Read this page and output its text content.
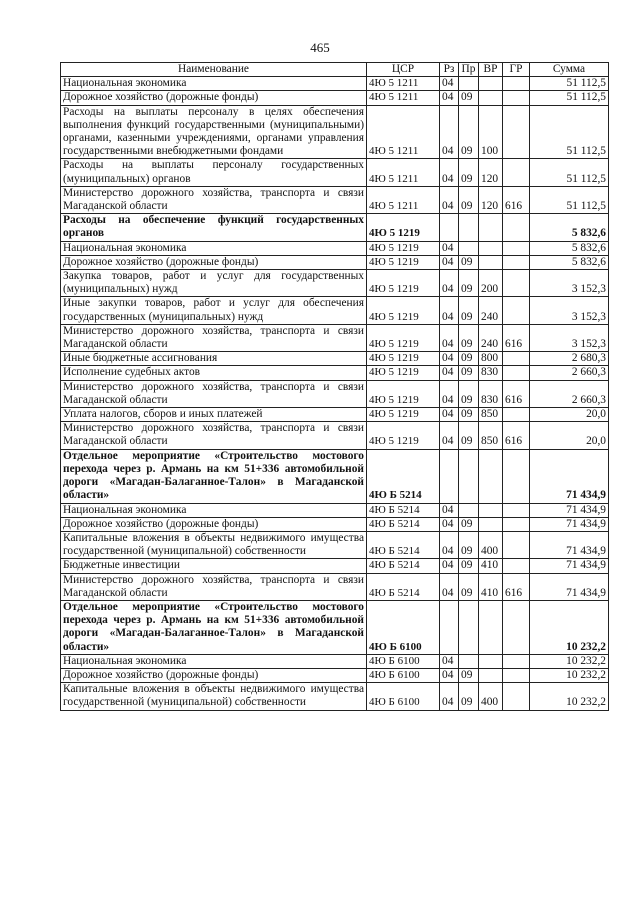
465
Наименование	ЦСР	Рз	Пр	ВР	ГР	Сумма
Национальная экономика	4Ю 5 1211	04				51 112,5
Дорожное хозяйство (дорожные фонды)	4Ю 5 1211	04	09			51 112,5
Расходы на выплаты персоналу в целях обеспечения выполнения функций государственными (муниципальными) органами, казенными учреждениями, органами управления государственными внебюджетными фондами	4Ю 5 1211	04	09	100		51 112,5
Расходы на выплаты персоналу государственных (муниципальных) органов	4Ю 5 1211	04	09	120		51 112,5
Министерство дорожного хозяйства, транспорта и связи Магаданской области	4Ю 5 1211	04	09	120	616	51 112,5
Расходы на обеспечение функций государственных органов	4Ю 5 1219					5 832,6
Национальная экономика	4Ю 5 1219	04				5 832,6
Дорожное хозяйство (дорожные фонды)	4Ю 5 1219	04	09			5 832,6
Закупка товаров, работ и услуг для государственных (муниципальных) нужд	4Ю 5 1219	04	09	200		3 152,3
Иные закупки товаров, работ и услуг для обеспечения государственных (муниципальных) нужд	4Ю 5 1219	04	09	240		3 152,3
Министерство дорожного хозяйства, транспорта и связи Магаданской области	4Ю 5 1219	04	09	240	616	3 152,3
Иные бюджетные ассигнования	4Ю 5 1219	04	09	800		2 680,3
Исполнение судебных актов	4Ю 5 1219	04	09	830		2 660,3
Министерство дорожного хозяйства, транспорта и связи Магаданской области	4Ю 5 1219	04	09	830	616	2 660,3
Уплата налогов, сборов и иных платежей	4Ю 5 1219	04	09	850		20,0
Министерство дорожного хозяйства, транспорта и связи Магаданской области	4Ю 5 1219	04	09	850	616	20,0
Отдельное мероприятие «Строительство мостового перехода через р. Армань на км 51+336 автомобильной дороги «Магадан-Балаганное-Талон» в Магаданской области»	4Ю Б 5214					71 434,9
Национальная экономика	4Ю Б 5214	04				71 434,9
Дорожное хозяйство (дорожные фонды)	4Ю Б 5214	04	09			71 434,9
Капитальные вложения в объекты недвижимого имущества государственной (муниципальной) собственности	4Ю Б 5214	04	09	400		71 434,9
Бюджетные инвестиции	4Ю Б 5214	04	09	410		71 434,9
Министерство дорожного хозяйства, транспорта и связи Магаданской области	4Ю Б 5214	04	09	410	616	71 434,9
Отдельное мероприятие «Строительство мостового перехода через р. Армань на км 51+336 автомобильной дороги «Магадан-Балаганное-Талон» в Магаданской области»	4Ю Б 6100					10 232,2
Национальная экономика	4Ю Б 6100	04				10 232,2
Дорожное хозяйство (дорожные фонды)	4Ю Б 6100	04	09			10 232,2
Капитальные вложения в объекты недвижимого имущества государственной (муниципальной) собственности	4Ю Б 6100	04	09	400		10 232,2
